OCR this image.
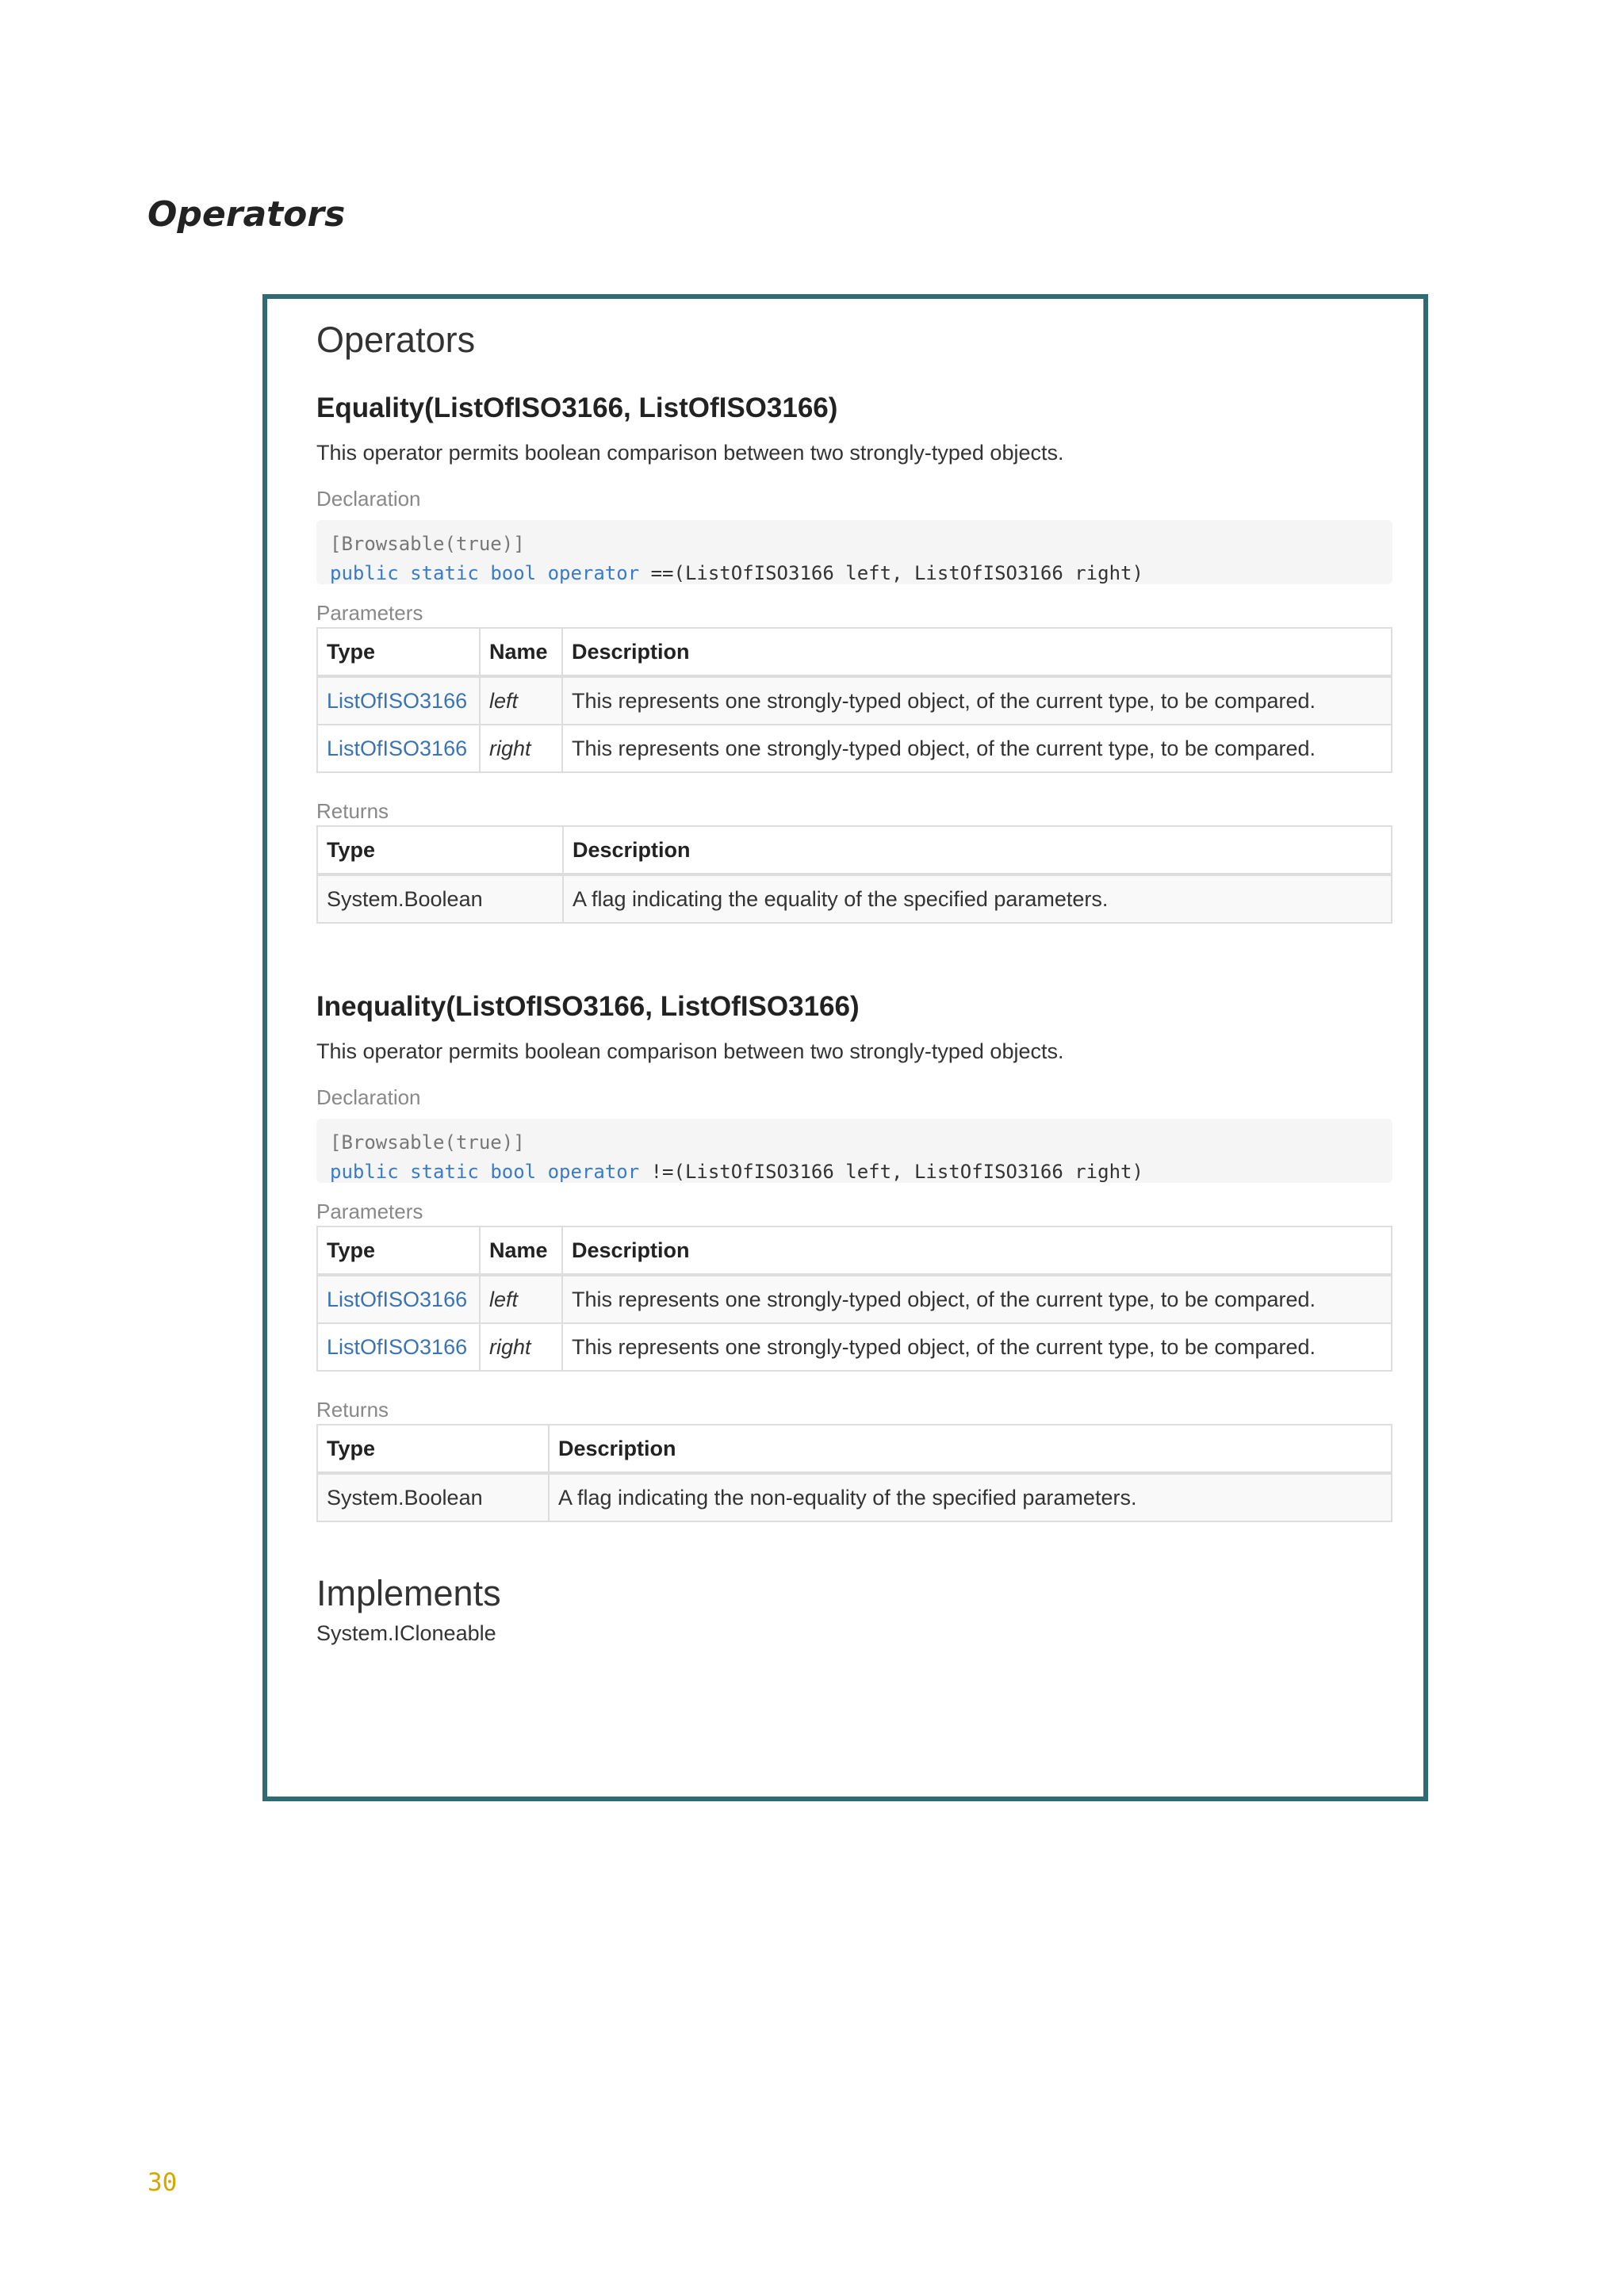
Operators
Operators
Equality(ListOfISO3166, ListOfISO3166)
This operator permits boolean comparison between two strongly-typed objects.
Declaration
[Browsable(true)]
public static bool operator ==(ListOfISO3166 left, ListOfISO3166 right)
Parameters
Type	Name	Description
ListOfISO3166	left	This represents one strongly-typed object, of the current type, to be compared.
ListOfISO3166	right	This represents one strongly-typed object, of the current type, to be compared.
Returns
Type	Description
System.Boolean	A flag indicating the equality of the specified parameters.
Inequality(ListOfISO3166, ListOfISO3166)
This operator permits boolean comparison between two strongly-typed objects.
Declaration
[Browsable(true)]
public static bool operator !=(ListOfISO3166 left, ListOfISO3166 right)
Parameters
Type	Name	Description
ListOfISO3166	left	This represents one strongly-typed object, of the current type, to be compared.
ListOfISO3166	right	This represents one strongly-typed object, of the current type, to be compared.
Returns
Type	Description
System.Boolean	A flag indicating the non-equality of the specified parameters.
Implements
System.ICloneable
30
